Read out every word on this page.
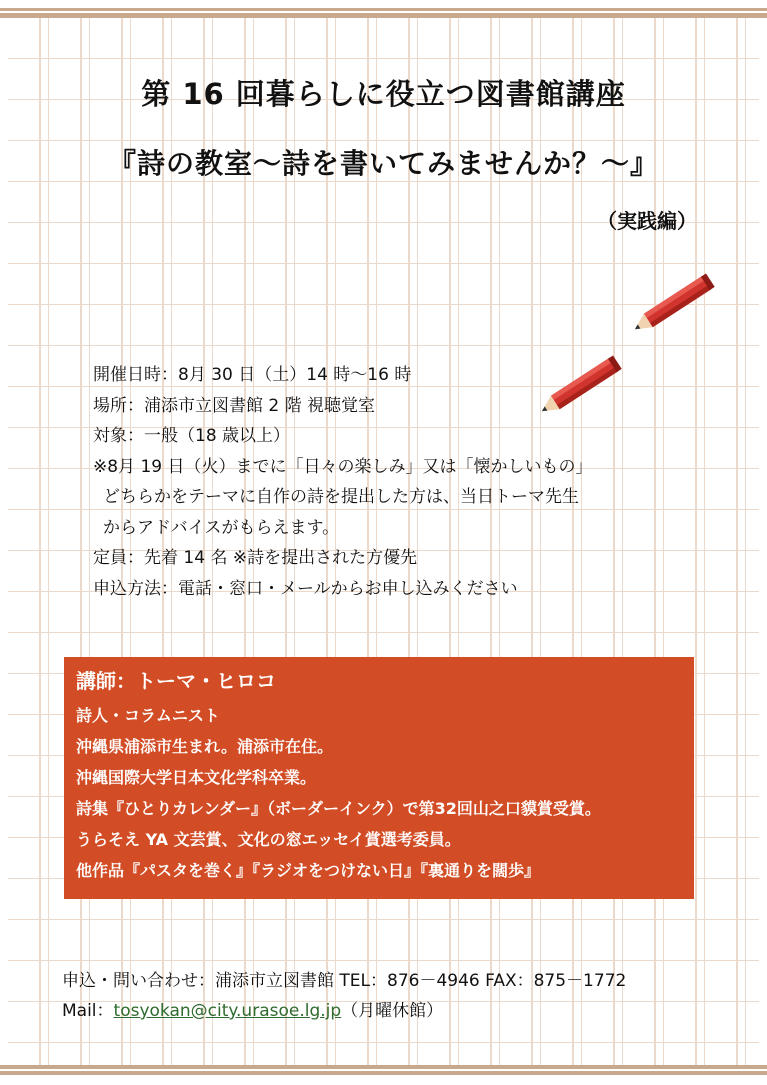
第 16 回暮らしに役立つ図書館講座
『詩の教室～詩を書いてみませんか？～』
（実践編）
開催日時：8月 30 日（土）14 時～16 時
場所：浦添市立図書館 2 階 視聴覚室
対象：一般（18 歳以上）
※8月 19 日（火）までに「日々の楽しみ」又は「懐かしいもの」
どちらかをテーマに自作の詩を提出した方は、当日トーマ先生
からアドバイスがもらえます。
定員：先着 14 名 ※詩を提出された方優先
申込方法：電話・窓口・メールからお申し込みください
講師：トーマ・ヒロコ
詩人・コラムニスト
沖縄県浦添市生まれ。浦添市在住。
沖縄国際大学日本文化学科卒業。
詩集『ひとりカレンダー』（ボーダーインク）で第32回山之口貘賞受賞。
うらそえ YA 文芸賞、文化の窓エッセイ賞選考委員。
他作品『パスタを巻く』『ラジオをつけない日』『裏通りを闊歩』
申込・問い合わせ：浦添市立図書館 TEL：876－4946 FAX：875－1772
Mail：tosyokan@city.urasoe.lg.jp（月曜休館）
